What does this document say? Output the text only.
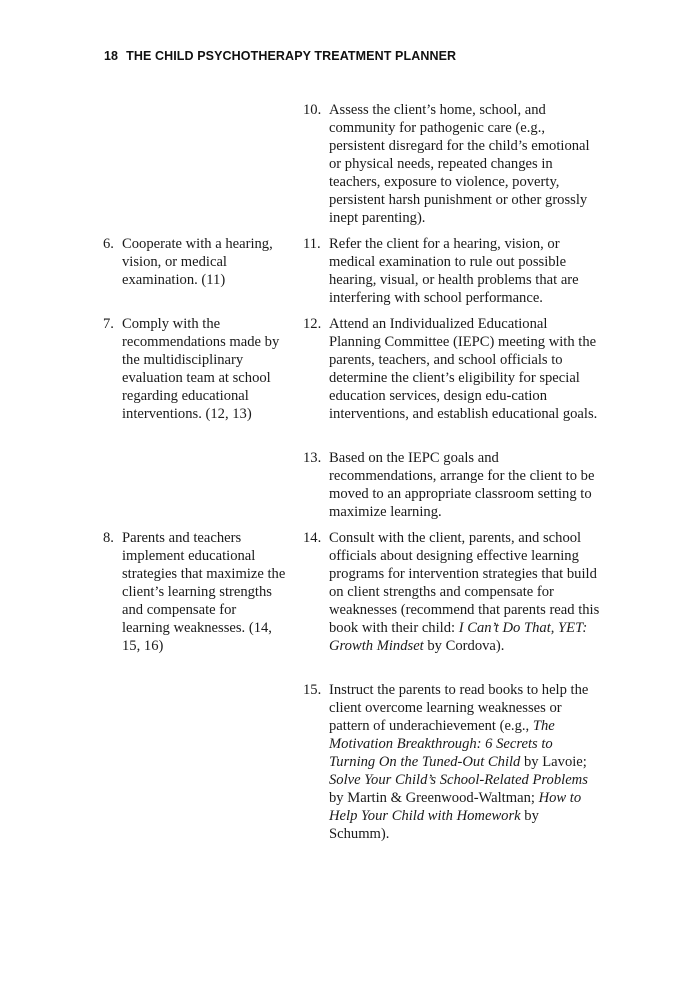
18 THE CHILD PSYCHOTHERAPY TREATMENT PLANNER
6. Cooperate with a hearing, vision, or medical examination. (11)
7. Comply with the recommendations made by the multidisciplinary evaluation team at school regarding educational interventions. (12, 13)
8. Parents and teachers implement educational strategies that maximize the client’s learning strengths and compensate for learning weaknesses. (14, 15, 16)
10. Assess the client’s home, school, and community for pathogenic care (e.g., persistent disregard for the child’s emotional or physical needs, repeated changes in teachers, exposure to violence, poverty, persistent harsh punishment or other grossly inept parenting).
11. Refer the client for a hearing, vision, or medical examination to rule out possible hearing, visual, or health problems that are interfering with school performance.
12. Attend an Individualized Educational Planning Committee (IEPC) meeting with the parents, teachers, and school officials to determine the client’s eligibility for special education services, design edu-cation interventions, and establish educational goals.
13. Based on the IEPC goals and recommendations, arrange for the client to be moved to an appropriate classroom setting to maximize learning.
14. Consult with the client, parents, and school officials about designing effective learning programs for intervention strategies that build on client strengths and compensate for weaknesses (recommend that parents read this book with their child: I Can’t Do That, YET: Growth Mindset by Cordova).
15. Instruct the parents to read books to help the client overcome learning weaknesses or pattern of underachievement (e.g., The Motivation Breakthrough: 6 Secrets to Turning On the Tuned-Out Child by Lavoie; Solve Your Child’s School-Related Problems by Martin & Greenwood-Waltman; How to Help Your Child with Homework by Schumm).
